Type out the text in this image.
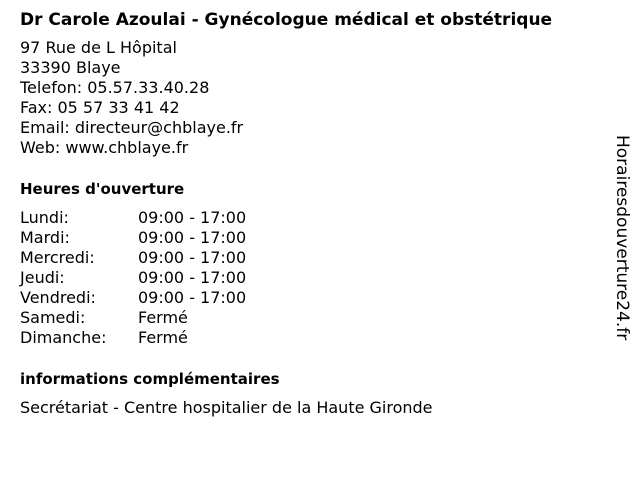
Dr Carole Azoulai - Gynécologue médical et obstétrique
97 Rue de L Hôpital
33390 Blaye
Telefon: 05.57.33.40.28
Fax: 05 57 33 41 42
Email: directeur@chblaye.fr
Web: www.chblaye.fr
Heures d'ouverture
Lundi:	09:00 - 17:00
Mardi:	09:00 - 17:00
Mercredi:	09:00 - 17:00
Jeudi:	09:00 - 17:00
Vendredi:	09:00 - 17:00
Samedi:	Fermé
Dimanche:	Fermé
informations complémentaires
Secrétariat - Centre hospitalier de la Haute Gironde
Horairesdouverture24.fr
